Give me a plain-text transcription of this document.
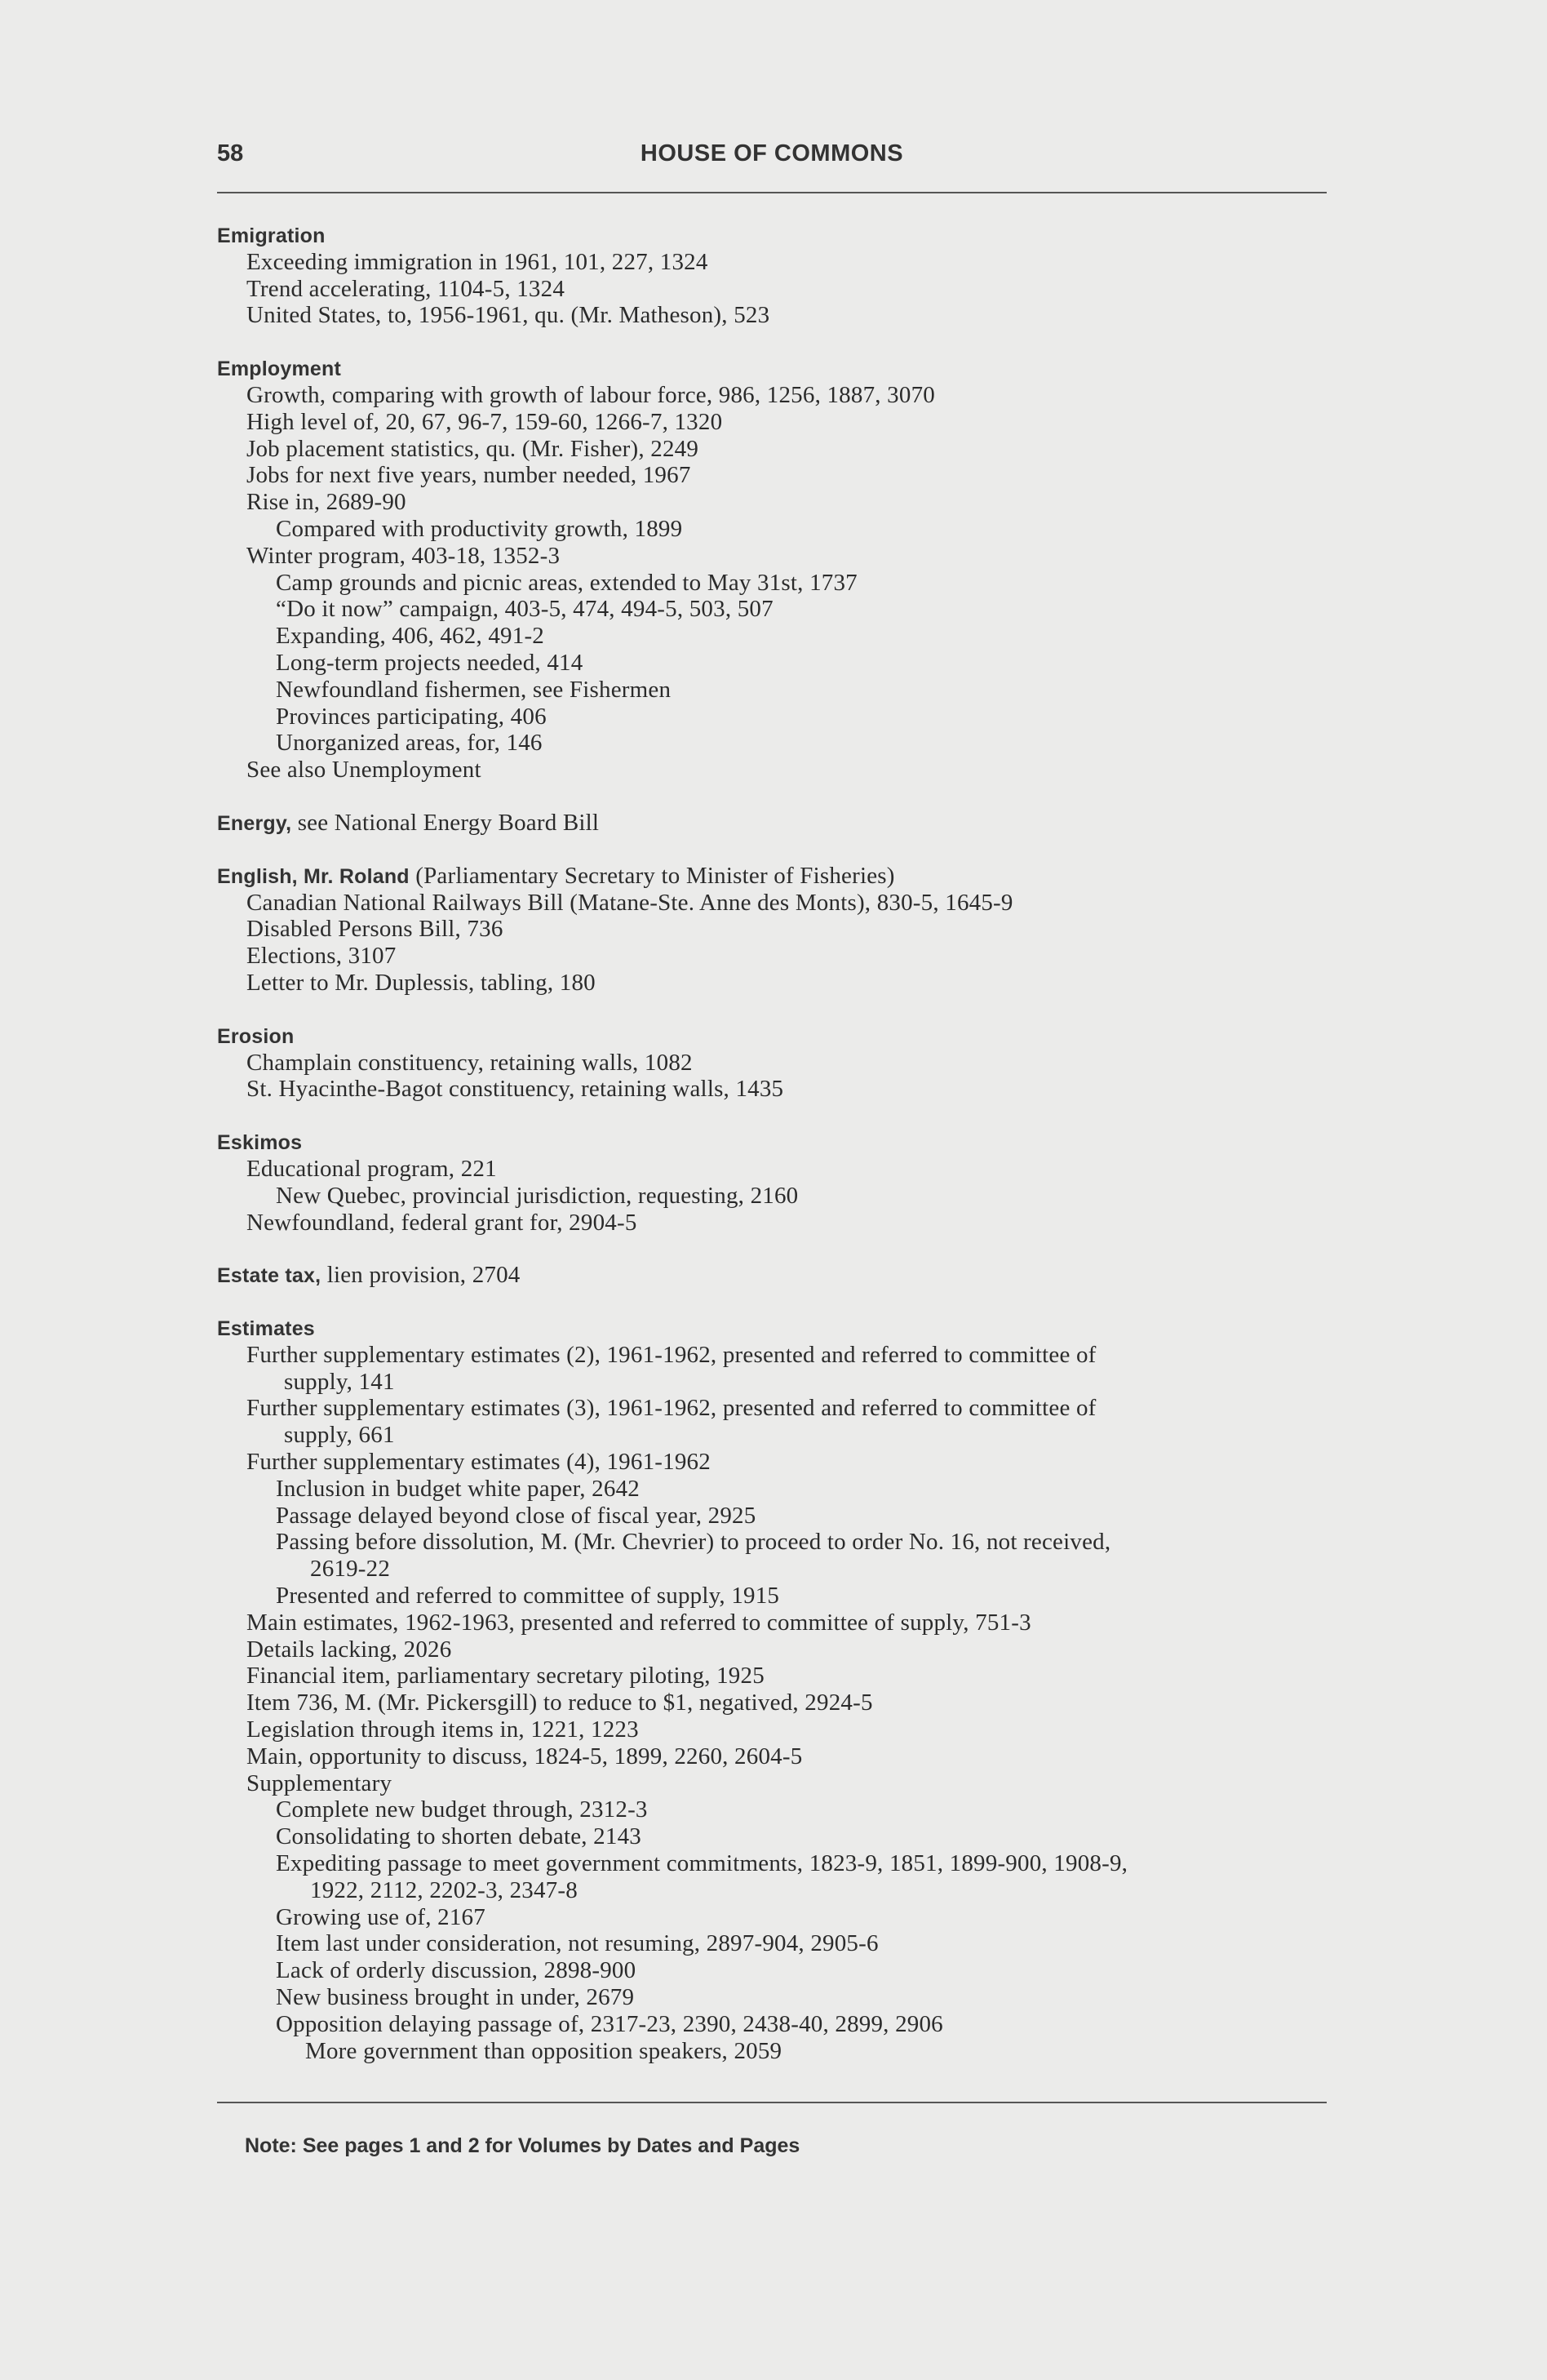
58	HOUSE OF COMMONS
Emigration
Exceeding immigration in 1961, 101, 227, 1324
Trend accelerating, 1104-5, 1324
United States, to, 1956-1961, qu. (Mr. Matheson), 523
Employment
Growth, comparing with growth of labour force, 986, 1256, 1887, 3070
High level of, 20, 67, 96-7, 159-60, 1266-7, 1320
Job placement statistics, qu. (Mr. Fisher), 2249
Jobs for next five years, number needed, 1967
Rise in, 2689-90
Compared with productivity growth, 1899
Winter program, 403-18, 1352-3
Camp grounds and picnic areas, extended to May 31st, 1737
“Do it now” campaign, 403-5, 474, 494-5, 503, 507
Expanding, 406, 462, 491-2
Long-term projects needed, 414
Newfoundland fishermen, see Fishermen
Provinces participating, 406
Unorganized areas, for, 146
See also Unemployment
Energy, see National Energy Board Bill
English, Mr. Roland (Parliamentary Secretary to Minister of Fisheries)
Canadian National Railways Bill (Matane-Ste. Anne des Monts), 830-5, 1645-9
Disabled Persons Bill, 736
Elections, 3107
Letter to Mr. Duplessis, tabling, 180
Erosion
Champlain constituency, retaining walls, 1082
St. Hyacinthe-Bagot constituency, retaining walls, 1435
Eskimos
Educational program, 221
New Quebec, provincial jurisdiction, requesting, 2160
Newfoundland, federal grant for, 2904-5
Estate tax, lien provision, 2704
Estimates
Further supplementary estimates (2), 1961-1962, presented and referred to committee of
supply, 141
Further supplementary estimates (3), 1961-1962, presented and referred to committee of
supply, 661
Further supplementary estimates (4), 1961-1962
Inclusion in budget white paper, 2642
Passage delayed beyond close of fiscal year, 2925
Passing before dissolution, M. (Mr. Chevrier) to proceed to order No. 16, not received,
2619-22
Presented and referred to committee of supply, 1915
Main estimates, 1962-1963, presented and referred to committee of supply, 751-3
Details lacking, 2026
Financial item, parliamentary secretary piloting, 1925
Item 736, M. (Mr. Pickersgill) to reduce to $1, negatived, 2924-5
Legislation through items in, 1221, 1223
Main, opportunity to discuss, 1824-5, 1899, 2260, 2604-5
Supplementary
Complete new budget through, 2312-3
Consolidating to shorten debate, 2143
Expediting passage to meet government commitments, 1823-9, 1851, 1899-900, 1908-9,
1922, 2112, 2202-3, 2347-8
Growing use of, 2167
Item last under consideration, not resuming, 2897-904, 2905-6
Lack of orderly discussion, 2898-900
New business brought in under, 2679
Opposition delaying passage of, 2317-23, 2390, 2438-40, 2899, 2906
More government than opposition speakers, 2059
Note: See pages 1 and 2 for Volumes by Dates and Pages
